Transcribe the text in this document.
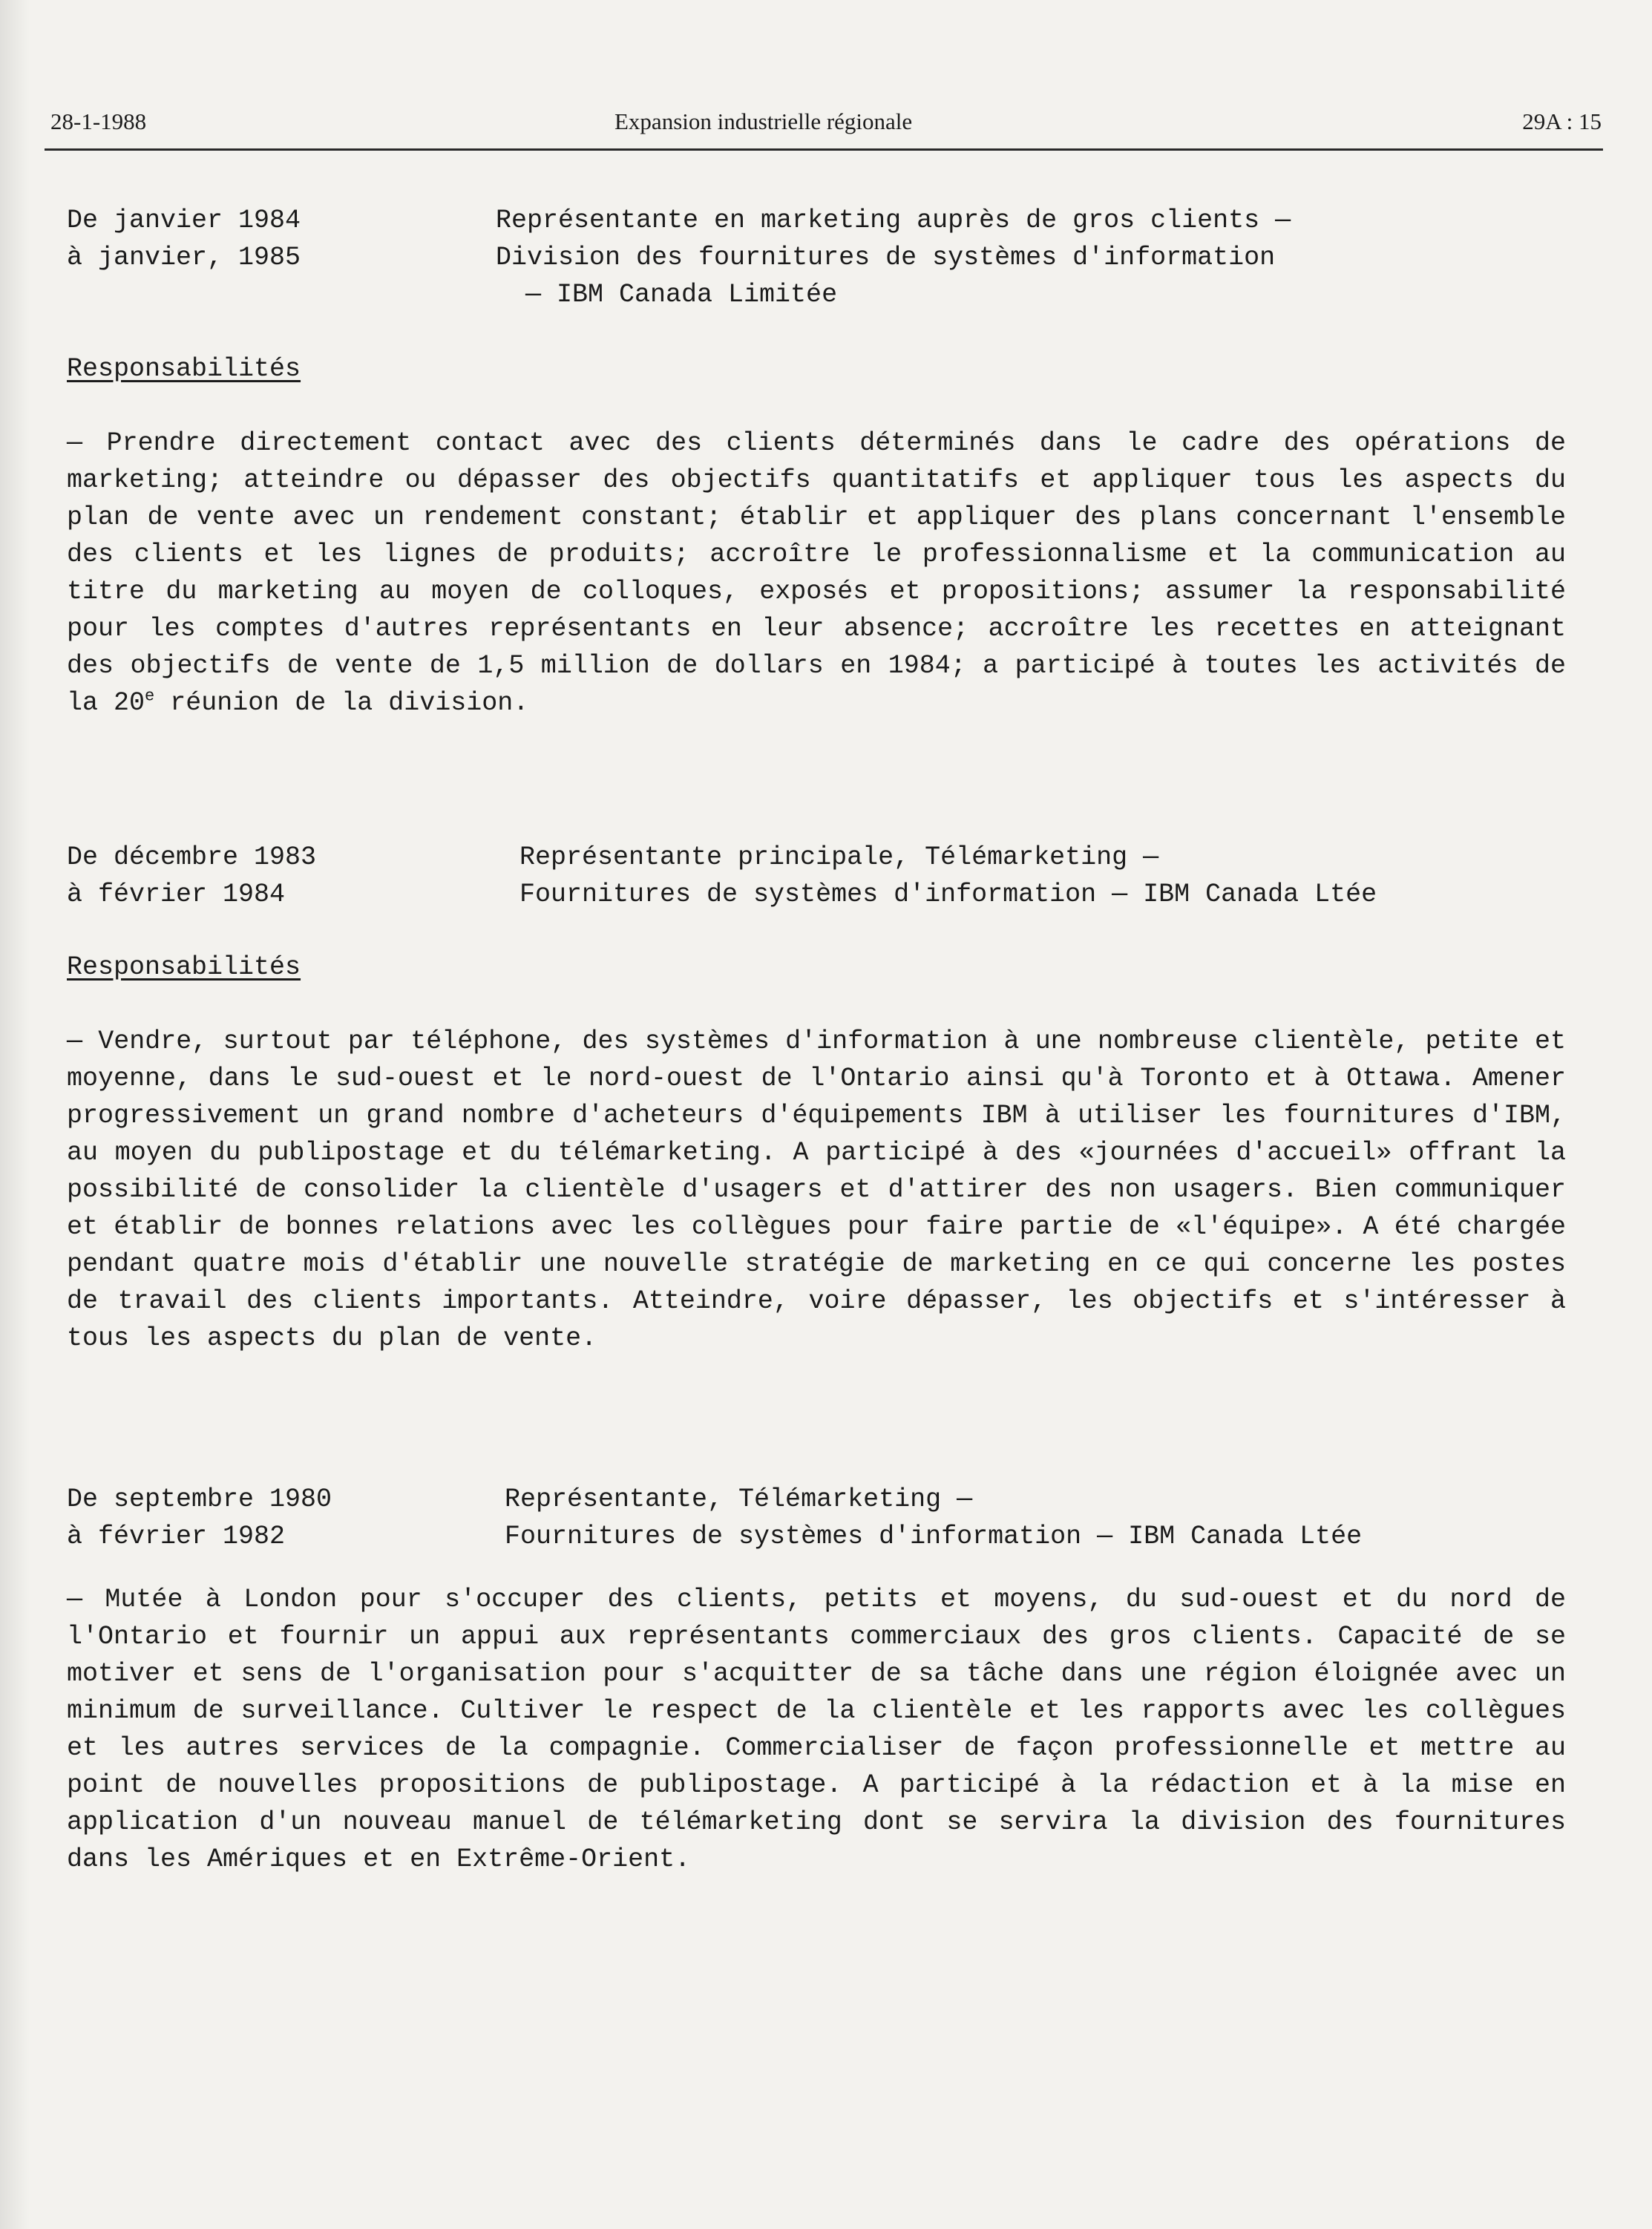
28-1-1988	Expansion industrielle régionale	29A : 15
De janvier 1984
à janvier, 1985
Représentante en marketing auprès de gros clients —
Division des fournitures de systèmes d'information
— IBM Canada Limitée
Responsabilités
— Prendre directement contact avec des clients déterminés dans le cadre des opérations de marketing; atteindre ou dépasser des objectifs quantitatifs et appliquer tous les aspects du plan de vente avec un rendement constant; établir et appliquer des plans concernant l'ensemble des clients et les lignes de produits; accroître le professionnalisme et la communication au titre du marketing au moyen de colloques, exposés et propositions; assumer la responsabilité pour les comptes d'autres représentants en leur absence; accroître les recettes en atteignant des objectifs de vente de 1,5 million de dollars en 1984; a participé à toutes les activités de la 20e réunion de la division.
De décembre 1983
à février 1984
Représentante principale, Télémarketing —
Fournitures de systèmes d'information — IBM Canada Ltée
Responsabilités
— Vendre, surtout par téléphone, des systèmes d'information à une nombreuse clientèle, petite et moyenne, dans le sud-ouest et le nord-ouest de l'Ontario ainsi qu'à Toronto et à Ottawa. Amener progressivement un grand nombre d'acheteurs d'équipements IBM à utiliser les fournitures d'IBM, au moyen du publipostage et du télémarketing. A participé à des «journées d'accueil» offrant la possibilité de consolider la clientèle d'usagers et d'attirer des non usagers. Bien communiquer et établir de bonnes relations avec les collègues pour faire partie de «l'équipe». A été chargée pendant quatre mois d'établir une nouvelle stratégie de marketing en ce qui concerne les postes de travail des clients importants. Atteindre, voire dépasser, les objectifs et s'intéresser à tous les aspects du plan de vente.
De septembre 1980
à février 1982
Représentante, Télémarketing —
Fournitures de systèmes d'information — IBM Canada Ltée
— Mutée à London pour s'occuper des clients, petits et moyens, du sud-ouest et du nord de l'Ontario et fournir un appui aux représentants commerciaux des gros clients. Capacité de se motiver et sens de l'organisation pour s'acquitter de sa tâche dans une région éloignée avec un minimum de surveillance. Cultiver le respect de la clientèle et les rapports avec les collègues et les autres services de la compagnie. Commercialiser de façon professionnelle et mettre au point de nouvelles propositions de publipostage. A participé à la rédaction et à la mise en application d'un nouveau manuel de télémarketing dont se servira la division des fournitures dans les Amériques et en Extrême-Orient.
